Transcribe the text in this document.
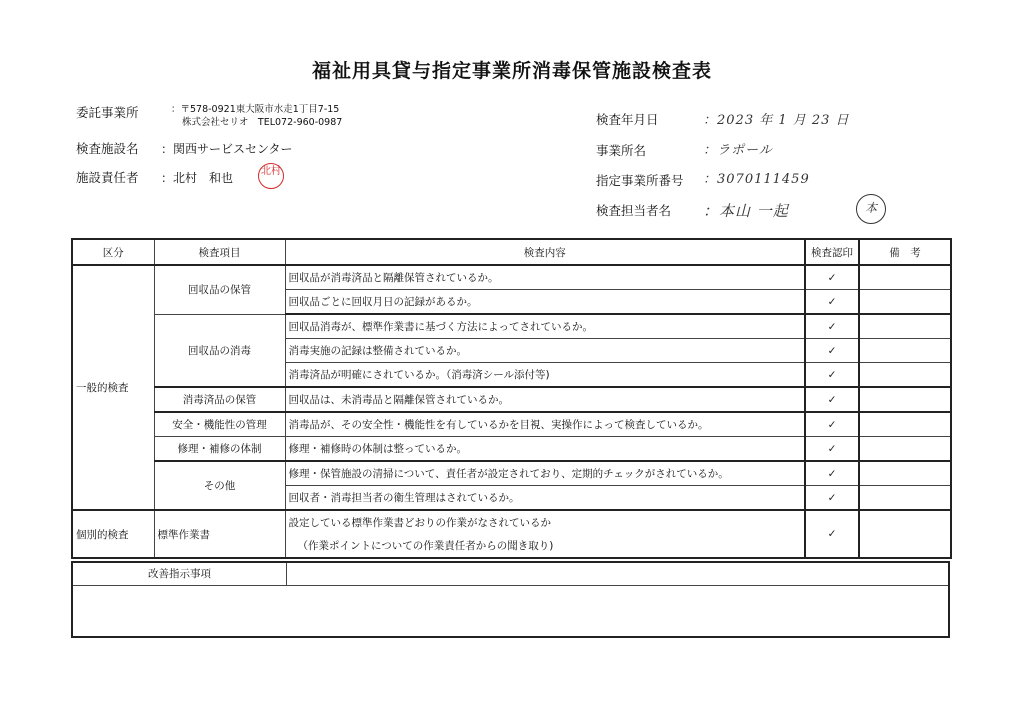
福祉用具貸与指定事業所消毒保管施設検査表
委託事業所	：〒578-0921東大阪市水走1丁目7-15
株式会社セリオ　TEL072-960-0987
検査施設名 ：関西サービスセンター
施設責任者 ：北村　和也	北村
検査年月日	：2023 年 1 月 23 日
事業所名	：ラポール
指定事業所番号 ：3070111459
検査担当者名 ：本山 一起	本
区分	検査項目	検査内容	検査認印	備　考
一般的検査	回収品の保管	回収品が消毒済品と隔離保管されているか。	✓	
		回収品ごとに回収月日の記録があるか。	✓	
	回収品の消毒	回収品消毒が、標準作業書に基づく方法によってされているか。	✓	
		消毒実施の記録は整備されているか。	✓	
		消毒済品が明確にされているか。（消毒済シール添付等)	✓	
	消毒済品の保管	回収品は、未消毒品と隔離保管されているか。	✓	
	安全・機能性の管理	消毒品が、その安全性・機能性を有しているかを目視、実操作によって検査しているか。	✓	
	修理・補修の体制	修理・補修時の体制は整っているか。	✓	
	その他	修理・保管施設の清掃について、責任者が設定されており、定期的チェックがされているか。	✓	
		回収者・消毒担当者の衛生管理はされているか。	✓	
個別的検査	標準作業書	設定している標準作業書どおりの作業がなされているか	✓	
		（作業ポイントについての作業責任者からの聞き取り)		
改善指示事項
